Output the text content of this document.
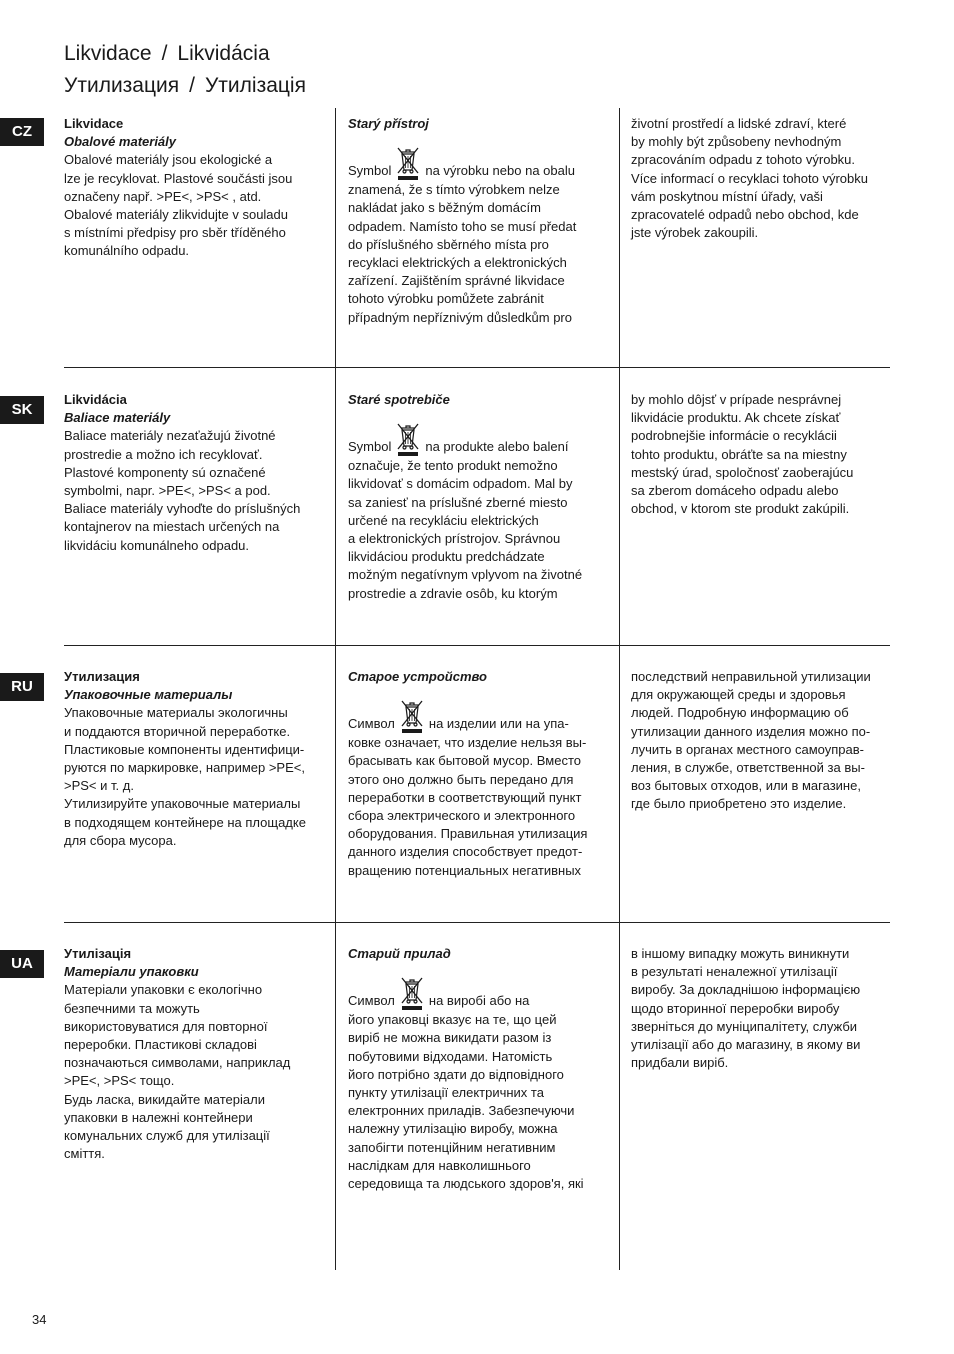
Likvidace / Likvidácia
Утилизация / Утилізація
CZ
SK
RU
UA

Likvidace

Obalové materiály

Obalové materiály jsou ekologické a

lze je recyklovat. Plastové součásti jsou

označeny např. >PE<, >PS< , atd.

Obalové materiály zlikvidujte v souladu

s místními předpisy pro sběr tříděného

komunálního odpadu.

Starý přístroj

Symbol	na výrobku nebo na obalu

znamená, že s tímto výrobkem nelze

nakládat jako s běžným domácím

odpadem. Namísto toho se musí předat

do příslušného sběrného místa pro

recyklaci elektrických a elektronických

zařízení. Zajištěním správné likvidace

tohoto výrobku pomůžete zabránit

případným nepříznivým důsledkům pro

životní prostředí a lidské zdraví, které

by mohly být způsobeny nevhodným

zpracováním odpadu z tohoto výrobku.

Více informací o recyklaci tohoto výrobku

vám poskytnou místní úřady, vaši

zpracovatelé odpadů nebo obchod, kde

jste výrobek zakoupili.

Likvidácia

Baliace materiály

Baliace materiály nezaťažujú životné

prostredie a možno ich recyklovať.

Plastové komponenty sú označené

symbolmi, napr. >PE<, >PS< a pod.

Baliace materiály vyhoďte do príslušných

kontajnerov na miestach určených na

likvidáciu komunálneho odpadu.

Staré spotrebiče

Symbol	na produkte alebo balení

označuje, že tento produkt nemožno

likvidovať s domácim odpadom. Mal by

sa zaniesť na príslušné zberné miesto

určené na recykláciu elektrických

a elektronických prístrojov. Správnou

likvidáciou produktu predchádzate

možným negatívnym vplyvom na životné

prostredie a zdravie osôb, ku ktorým

by mohlo dôjsť v prípade nesprávnej

likvidácie produktu. Ak chcete získať

podrobnejšie informácie o recyklácii

tohto produktu, obráťte sa na miestny

mestský úrad, spoločnosť zaoberajúcu

sa zberom domáceho odpadu alebo

obchod, v ktorom ste produkt zakúpili.

Утилизация

Упаковочные материалы

Упаковочные материалы экологичны

и поддаются вторичной переработке.

Пластиковые компоненты идентифици-

руются по маркировке, например >PE<,

>PS< и т. д.

Утилизируйте упаковочные материалы

в подходящем контейнере на площадке

для сбора мусора.

Старое устройство

Символ	на изделии или на упа-

ковке означает, что изделие нельзя вы-

брасывать как бытовой мусор. Вместо

этого оно должно быть передано для

переработки в соответствующий пункт

сбора электрического и электронного

оборудования. Правильная утилизация

данного изделия способствует предот-

вращению потенциальных негативных

последствий неправильной утилизации

для окружающей среды и здоровья

людей. Подробную информацию об

утилизации данного изделия можно по-

лучить в органах местного самоуправ-

ления, в службе, ответственной за вы-

воз бытовых отходов, или в магазине,

где было приобретено это изделие.

Утилізація

Матеріали упаковки

Матеріали упаковки є екологічно

безпечними та можуть

використовуватися для повторної

переробки. Пластикові складові

позначаються символами, наприклад

>PE<, >PS< тощо.

Будь ласка, викидайте матеріали

упаковки в належні контейнери

комунальних служб для утилізації

сміття.

Старий прилад

Символ	на виробі або на

його упаковці вказує на те, що цей

виріб не можна викидати разом із

побутовими відходами. Натомість

його потрібно здати до відповідного

пункту утилізації електричних та

електронних приладів. Забезпечуючи

належну утилізацію виробу, можна

запобігти потенційним негативним

наслідкам для навколишнього

середовища та людського здоров'я, які

в іншому випадку можуть виникнути

в результаті неналежної утилізації

виробу. За докладнішою інформацією

щодо вторинної переробки виробу

зверніться до муніципалітету, служби

утилізації або до магазину, в якому ви

придбали виріб.

34
